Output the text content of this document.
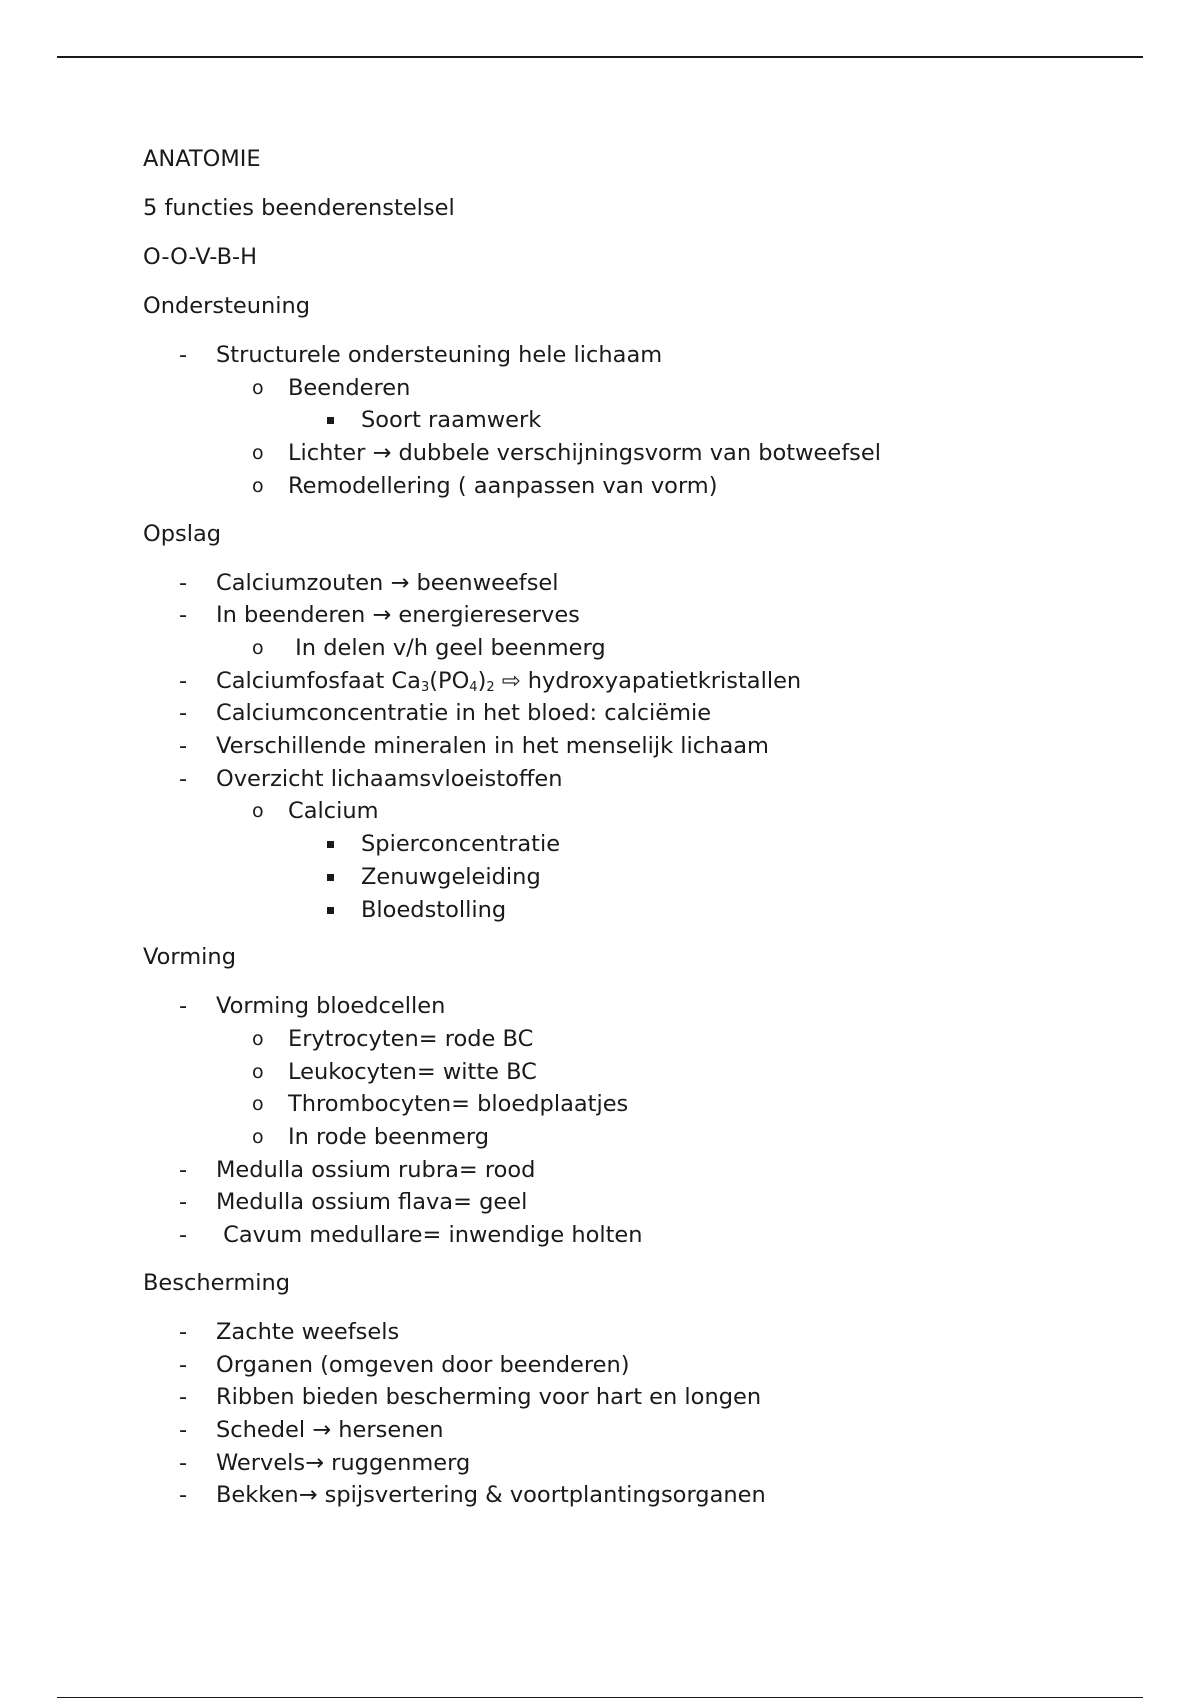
ANATOMIE
5 functies beenderenstelsel
O-O-V-B-H
Ondersteuning
- Structurele ondersteuning hele lichaam
o Beenderen
Soort raamwerk
o Lichter → dubbele verschijningsvorm van botweefsel
o Remodellering ( aanpassen van vorm)
Opslag
- Calciumzouten → beenweefsel
- In beenderen → energiereserves
o In delen v/h geel beenmerg
- Calciumfosfaat $Ca_3(PO_4)_2$ ⇨ hydroxyapatietkristallen
- Calciumconcentratie in het bloed: calciëmie
- Verschillende mineralen in het menselijk lichaam
- Overzicht lichaamsvloeistoffen
o Calcium
Spierconcentratie
Zenuwgeleiding
Bloedstolling
Vorming
- Vorming bloedcellen
o Erytrocyten= rode BC
o Leukocyten= witte BC
o Thrombocyten= bloedplaatjes
o In rode beenmerg
- Medulla ossium rubra= rood
- Medulla ossium flava= geel
- Cavum medullare= inwendige holten
Bescherming
- Zachte weefsels
- Organen (omgeven door beenderen)
- Ribben bieden bescherming voor hart en longen
- Schedel → hersenen
- Wervels→ ruggenmerg
- Bekken→ spijsvertering & voortplantingsorganen
